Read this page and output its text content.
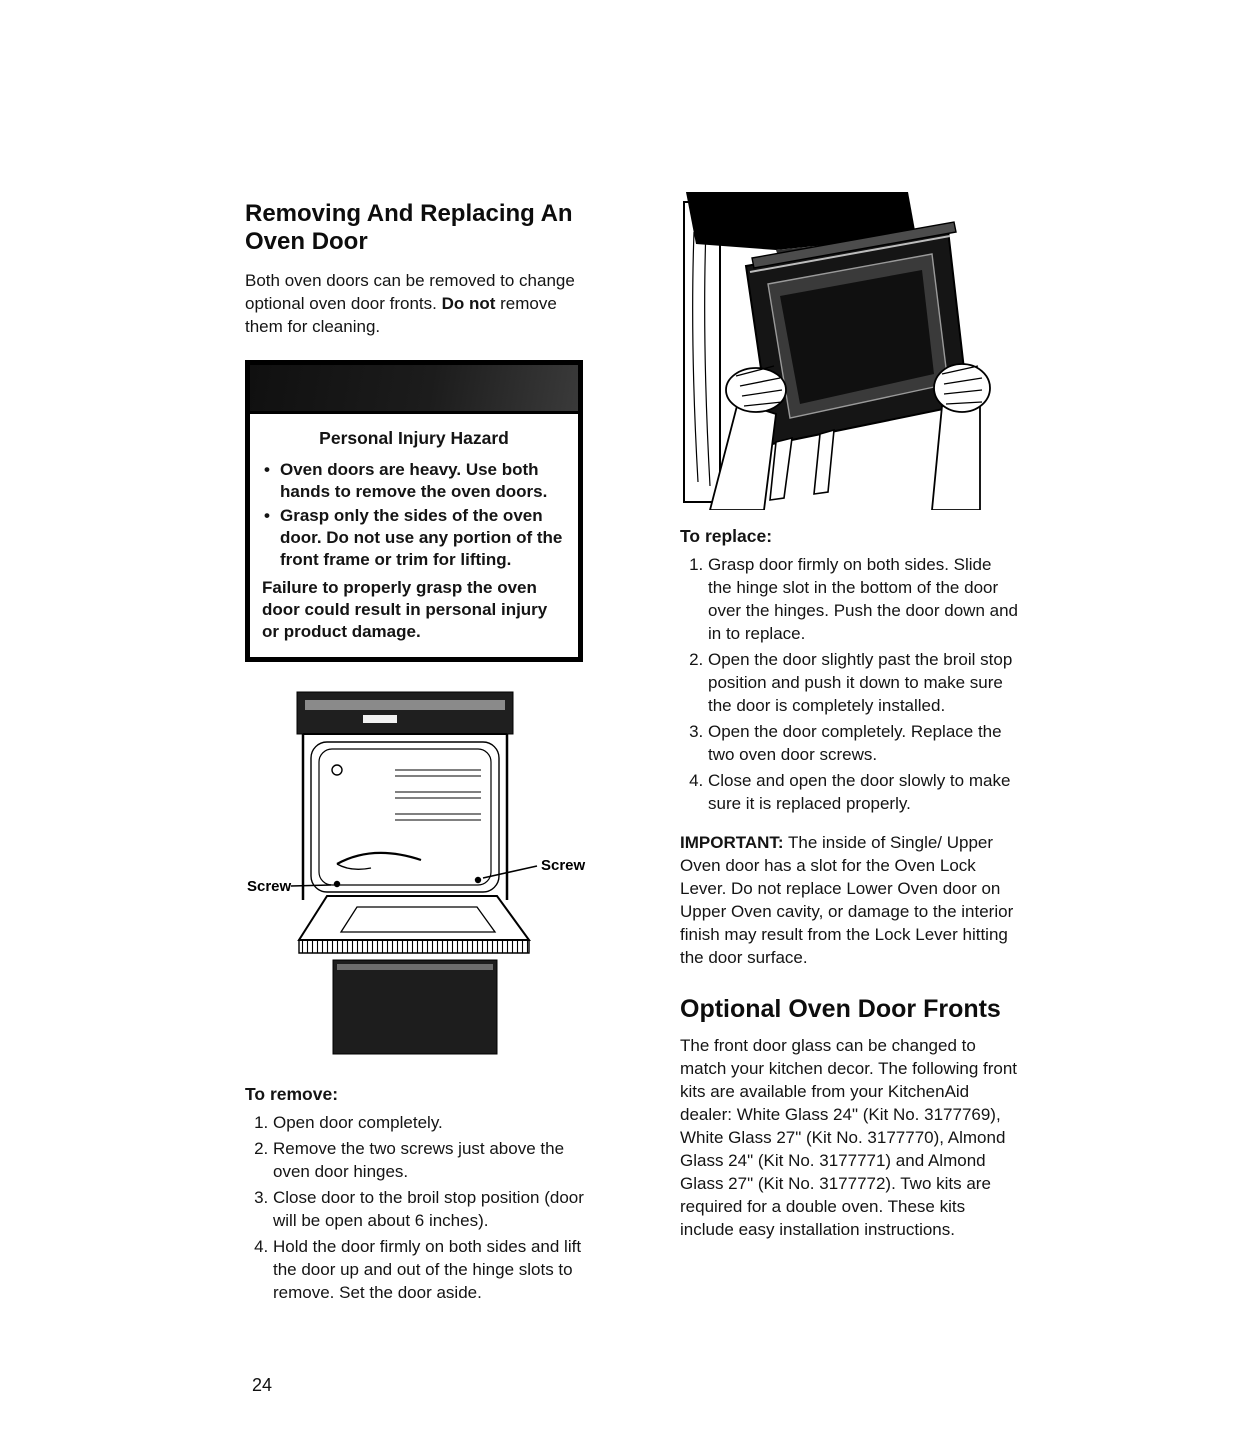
Removing And Replacing An Oven Door

Both oven doors can be removed to change optional oven door fronts. Do not remove them for cleaning.

Personal Injury Hazard
• Oven doors are heavy. Use both hands to remove the oven doors.
• Grasp only the sides of the oven door. Do not use any portion of the front frame or trim for lifting.

Failure to properly grasp the oven door could result in personal injury or product damage.

Screw
Screw
To remove:
1. Open door completely.
2. Remove the two screws just above the oven door hinges.
3. Close door to the broil stop position (door will be open about 6 inches).
4. Hold the door firmly on both sides and lift the door up and out of the hinge slots to remove. Set the door aside.
To replace:
1. Grasp door firmly on both sides. Slide the hinge slot in the bottom of the door over the hinges. Push the door down and in to replace.
2. Open the door slightly past the broil stop position and push it down to make sure the door is completely installed.
3. Open the door completely. Replace the two oven door screws.
4. Close and open the door slowly to make sure it is replaced properly.

IMPORTANT: The inside of Single/ Upper Oven door has a slot for the Oven Lock Lever. Do not replace Lower Oven door on Upper Oven cavity, or damage to the interior finish may result from the Lock Lever hitting the door surface.

Optional Oven Door Fronts

The front door glass can be changed to match your kitchen decor. The following front kits are available from your KitchenAid dealer: White Glass 24" (Kit No. 3177769), White Glass 27" (Kit No. 3177770), Almond Glass 24" (Kit No. 3177771) and Almond Glass 27" (Kit No. 3177772). Two kits are required for a double oven. These kits include easy installation instructions.

24
